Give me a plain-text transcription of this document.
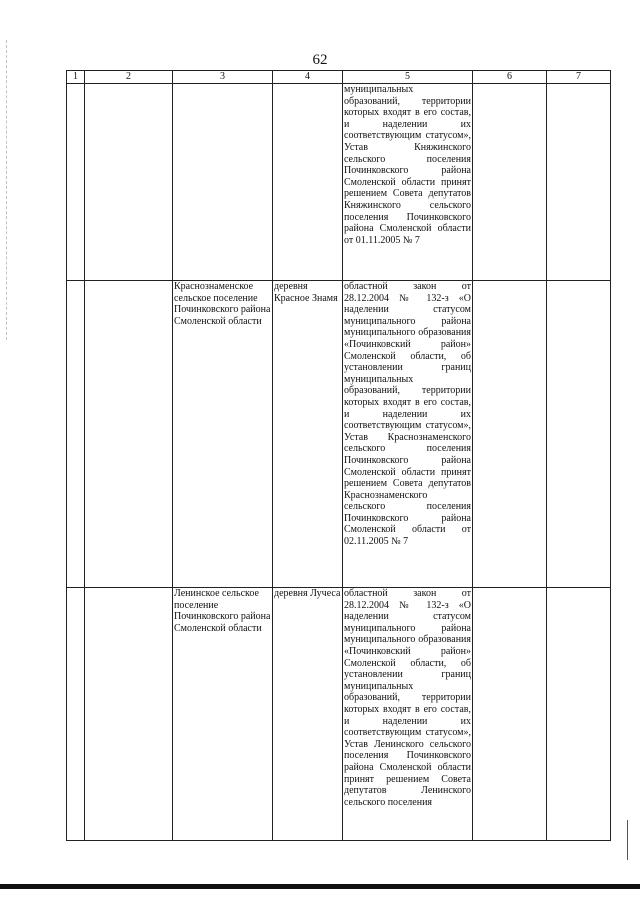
62
1	2	3	4	5	6	7
				муниципальных образований, территории которых входят в его состав, и наделении их соответствующим статусом», Устав Княжинского сельского поселения Починковского района Смоленской области принят решением Совета депутатов Княжинского сельского поселения Починковского района Смоленской области от 01.11.2005 № 7		
		Краснознаменское сельское поселение Починковского района Смоленской области	деревня Красное Знамя	областной закон от 28.12.2004 № 132-з «О наделении статусом муниципального района муниципального образования «Починковский район» Смоленской области, об установлении границ муниципальных образований, территории которых входят в его состав, и наделении их соответствующим статусом», Устав Краснознаменского сельского поселения Починковского района Смоленской области принят решением Совета депутатов Краснознаменского сельского поселения Починковского района Смоленской области от 02.11.2005 № 7		
		Ленинское сельское поселение Починковского района Смоленской области	деревня Лучеса	областной закон от 28.12.2004 № 132-з «О наделении статусом муниципального района муниципального образования «Починковский район» Смоленской области, об установлении границ муниципальных образований, территории которых входят в его состав, и наделении их соответствующим статусом», Устав Ленинского сельского поселения Починковского района Смоленской области принят решением Совета депутатов Ленинского сельского поселения		
